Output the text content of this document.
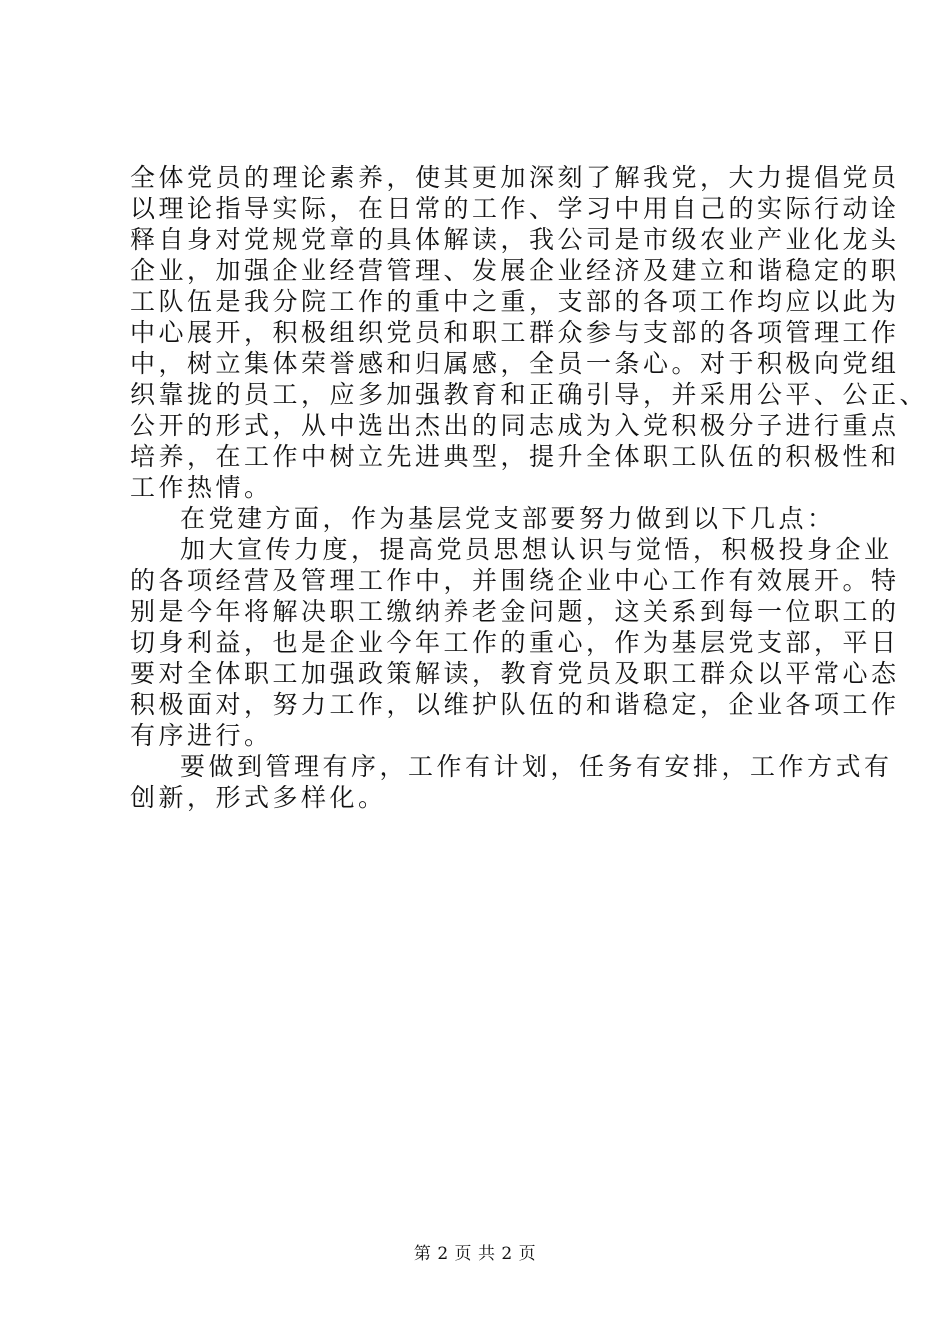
全体党员的理论素养，使其更加深刻了解我党，大力提倡党员
以理论指导实际，在日常的工作、学习中用自己的实际行动诠
释自身对党规党章的具体解读，我公司是市级农业产业化龙头
企业，加强企业经营管理、发展企业经济及建立和谐稳定的职
工队伍是我分院工作的重中之重，支部的各项工作均应以此为
中心展开，积极组织党员和职工群众参与支部的各项管理工作
中，树立集体荣誉感和归属感，全员一条心。对于积极向党组
织靠拢的员工，应多加强教育和正确引导，并采用公平、公正、
公开的形式，从中选出杰出的同志成为入党积极分子进行重点
培养，在工作中树立先进典型，提升全体职工队伍的积极性和
工作热情。

在党建方面，作为基层党支部要努力做到以下几点：

加大宣传力度，提高党员思想认识与觉悟，积极投身企业
的各项经营及管理工作中，并围绕企业中心工作有效展开。特
别是今年将解决职工缴纳养老金问题，这关系到每一位职工的
切身利益，也是企业今年工作的重心，作为基层党支部，平日
要对全体职工加强政策解读，教育党员及职工群众以平常心态
积极面对，努力工作，以维护队伍的和谐稳定，企业各项工作
有序进行。

要做到管理有序，工作有计划，任务有安排，工作方式有
创新，形式多样化。

第 2 页 共 2 页
